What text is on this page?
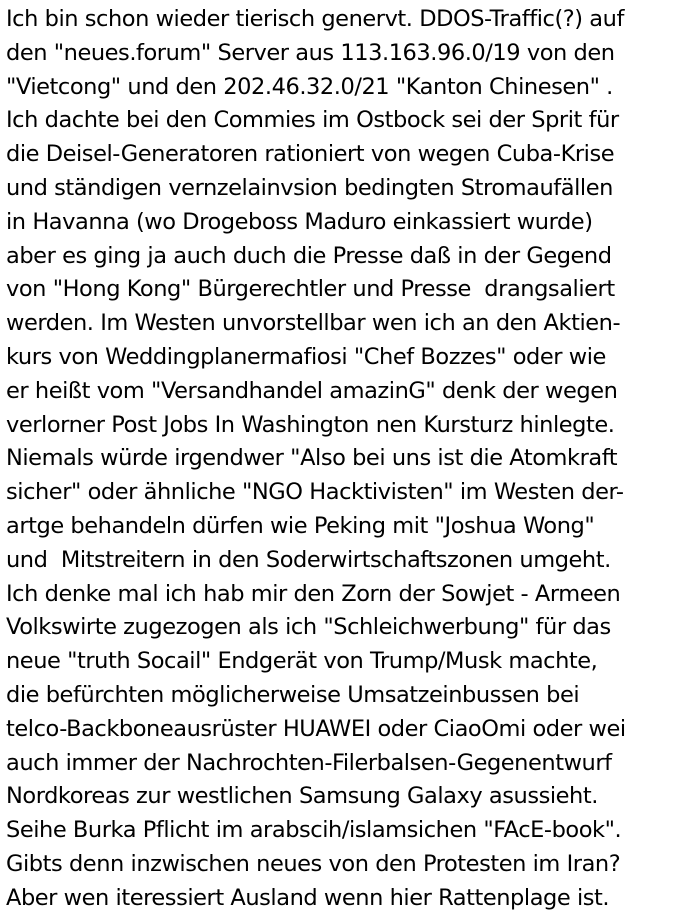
Ich bin schon wieder tierisch genervt. DDOS-Traffic(?) auf
den "neues.forum" Server aus 113.163.96.0/19 von den
"Vietcong" und den 202.46.32.0/21 "Kanton Chinesen" .
Ich dachte bei den Commies im Ostbock sei der Sprit für
die Deisel-Generatoren rationiert von wegen Cuba-Krise
und ständigen vernzelainvsion bedingten Stromaufällen
in Havanna (wo Drogeboss Maduro einkassiert wurde)
aber es ging ja auch duch die Presse daß in der Gegend
von "Hong Kong" Bürgerechtler und Presse  drangsaliert
werden. Im Westen unvorstellbar wen ich an den Aktien-
kurs von Weddingplanermafiosi "Chef Bozzes" oder wie
er heißt vom "Versandhandel amazinG" denk der wegen
verlorner Post Jobs In Washington nen Kursturz hinlegte.
Niemals würde irgendwer "Also bei uns ist die Atomkraft
sicher" oder ähnliche "NGO Hacktivisten" im Westen der-
artge behandeln dürfen wie Peking mit "Joshua Wong"
und  Mitstreitern in den Soderwirtschaftszonen umgeht.
Ich denke mal ich hab mir den Zorn der Sowjet - Armeen
Volkswirte zugezogen als ich "Schleichwerbung" für das
neue "truth Socail" Endgerät von Trump/Musk machte,
die befürchten möglicherweise Umsatzeinbussen bei
telco-Backboneausrüster HUAWEI oder CiaoOmi oder wei
auch immer der Nachrochten-Filerbalsen-Gegenentwurf
Nordkoreas zur westlichen Samsung Galaxy asussieht.
Seihe Burka Pflicht im arabscih/islamsichen "FAcE-book".
Gibts denn inzwischen neues von den Protesten im Iran?
Aber wen iteressiert Ausland wenn hier Rattenplage ist.
